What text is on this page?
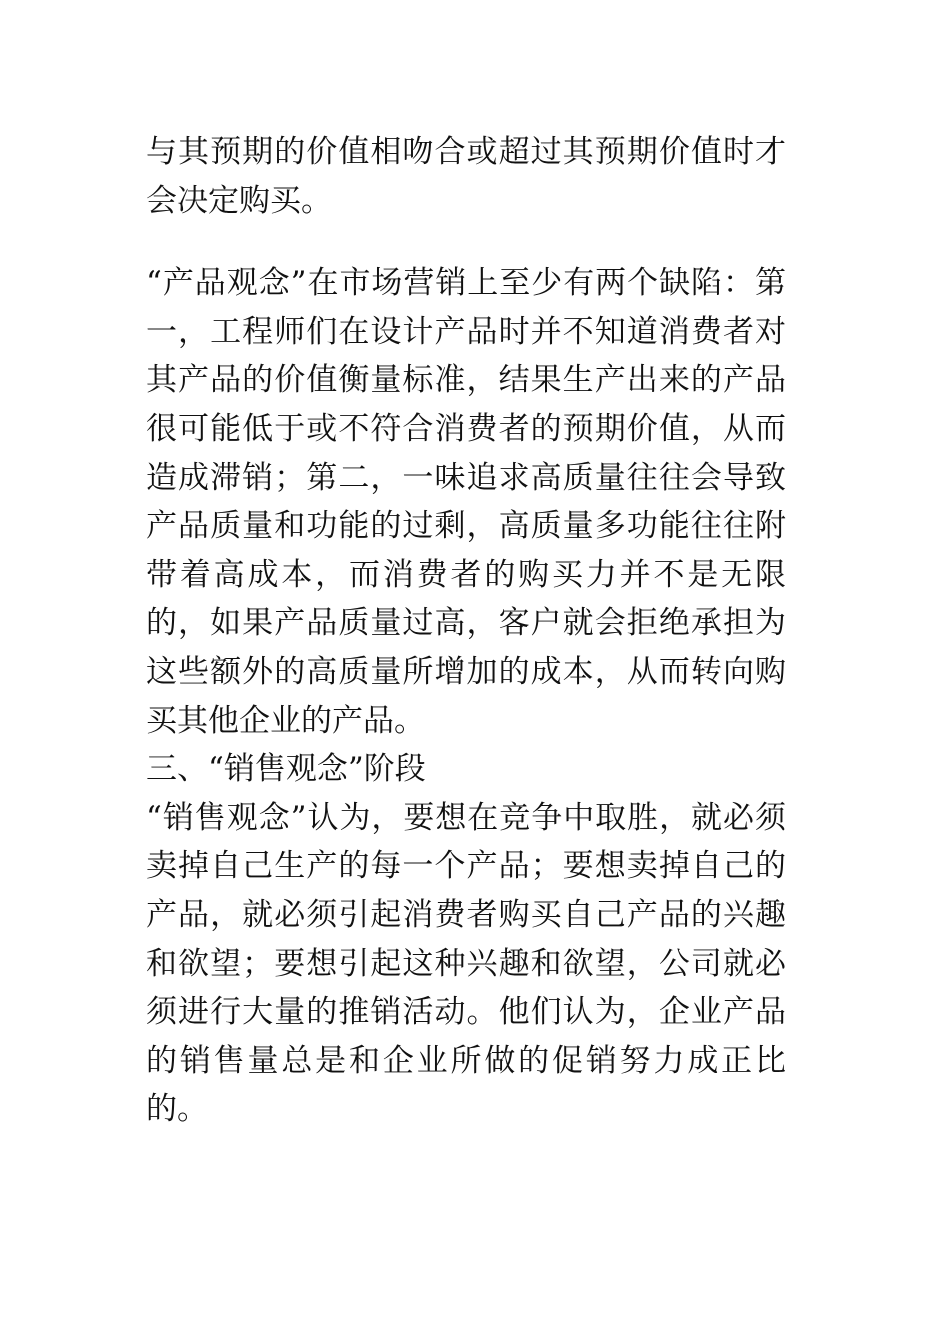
与其预期的价值相吻合或超过其预期价值时才会决定购买。

“产品观念”在市场营销上至少有两个缺陷：第一，工程师们在设计产品时并不知道消费者对其产品的价值衡量标准，结果生产出来的产品很可能低于或不符合消费者的预期价值，从而造成滞销；第二，一味追求高质量往往会导致产品质量和功能的过剩，高质量多功能往往附带着高成本，而消费者的购买力并不是无限的，如果产品质量过高，客户就会拒绝承担为这些额外的高质量所增加的成本，从而转向购买其他企业的产品。

三、“销售观念”阶段

“销售观念”认为，要想在竞争中取胜，就必须卖掉自己生产的每一个产品；要想卖掉自己的产品，就必须引起消费者购买自己产品的兴趣和欲望；要想引起这种兴趣和欲望，公司就必须进行大量的推销活动。他们认为，企业产品的销售量总是和企业所做的促销努力成正比的。
